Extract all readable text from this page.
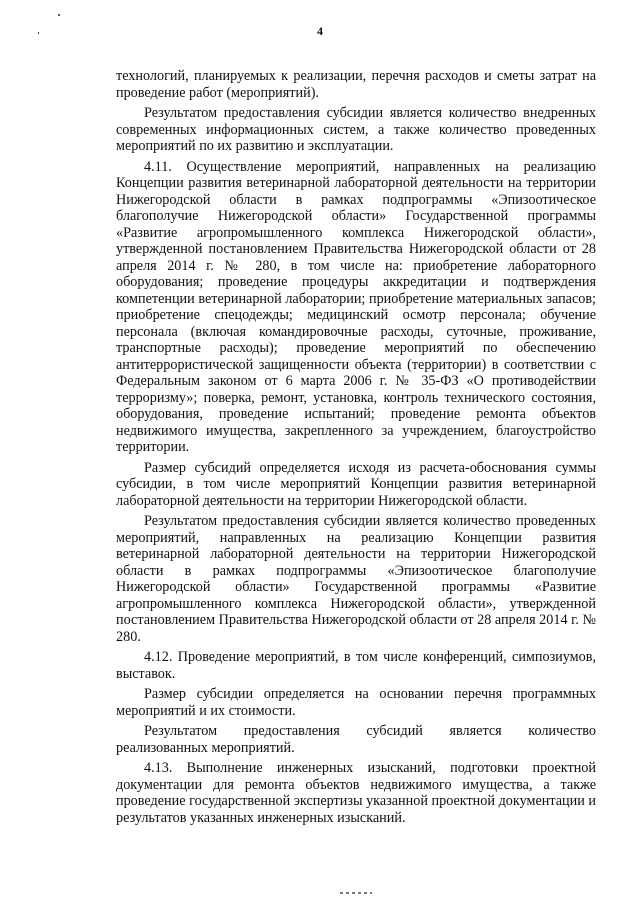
4

технологий, планируемых к реализации, перечня расходов и сметы затрат на проведение работ (мероприятий).

Результатом предоставления субсидии является количество внедренных современных информационных систем, а также количество проведенных мероприятий по их развитию и эксплуатации.

4.11. Осуществление мероприятий, направленных на реализацию Концепции развития ветеринарной лабораторной деятельности на территории Нижегородской области в рамках подпрограммы «Эпизоотическое благополучие Нижегородской области» Государственной программы «Развитие агропромышленного комплекса Нижегородской области», утвержденной постановлением Правительства Нижегородской области от 28 апреля 2014 г. № 280, в том числе на: приобретение лабораторного оборудования; проведение процедуры аккредитации и подтверждения компетенции ветеринарной лаборатории; приобретение материальных запасов; приобретение спецодежды; медицинский осмотр персонала; обучение персонала (включая командировочные расходы, суточные, проживание, транспортные расходы); проведение мероприятий по обеспечению антитеррористической защищенности объекта (территории) в соответствии с Федеральным законом от 6 марта 2006 г. № 35-ФЗ «О противодействии терроризму»; поверка, ремонт, установка, контроль технического состояния, оборудования, проведение испытаний; проведение ремонта объектов недвижимого имущества, закрепленного за учреждением, благоустройство территории.

Размер субсидий определяется исходя из расчета-обоснования суммы субсидии, в том числе мероприятий Концепции развития ветеринарной лабораторной деятельности на территории Нижегородской области.

Результатом предоставления субсидии является количество проведенных мероприятий, направленных на реализацию Концепции развития ветеринарной лабораторной деятельности на территории Нижегородской области в рамках подпрограммы «Эпизоотическое благополучие Нижегородской области» Государственной программы «Развитие агропромышленного комплекса Нижегородской области», утвержденной постановлением Правительства Нижегородской области от 28 апреля 2014 г. № 280.

4.12. Проведение мероприятий, в том числе конференций, симпозиумов, выставок.

Размер субсидии определяется на основании перечня программных мероприятий и их стоимости.

Результатом предоставления субсидий является количество реализованных мероприятий.

4.13. Выполнение инженерных изысканий, подготовки проектной документации для ремонта объектов недвижимого имущества, а также проведение государственной экспертизы указанной проектной документации и результатов указанных инженерных изысканий.
